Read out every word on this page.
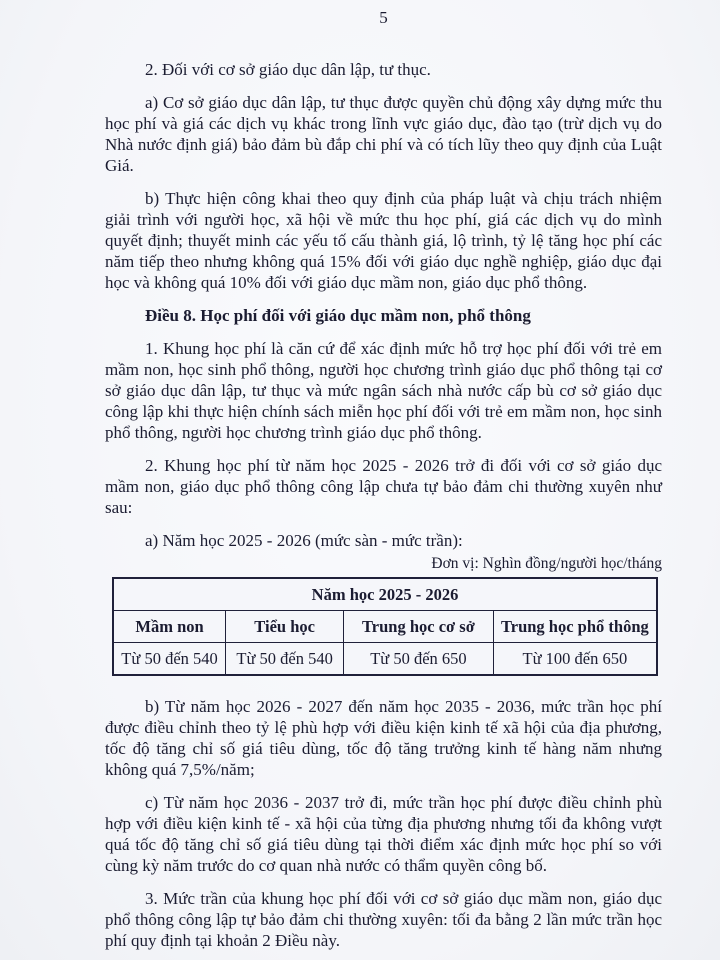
5

2. Đối với cơ sở giáo dục dân lập, tư thục.

a) Cơ sở giáo dục dân lập, tư thục được quyền chủ động xây dựng mức thu học phí và giá các dịch vụ khác trong lĩnh vực giáo dục, đào tạo (trừ dịch vụ do Nhà nước định giá) bảo đảm bù đắp chi phí và có tích lũy theo quy định của Luật Giá.

b) Thực hiện công khai theo quy định của pháp luật và chịu trách nhiệm giải trình với người học, xã hội về mức thu học phí, giá các dịch vụ do mình quyết định; thuyết minh các yếu tố cấu thành giá, lộ trình, tỷ lệ tăng học phí các năm tiếp theo nhưng không quá 15% đối với giáo dục nghề nghiệp, giáo dục đại học và không quá 10% đối với giáo dục mầm non, giáo dục phổ thông.

Điều 8. Học phí đối với giáo dục mầm non, phổ thông

1. Khung học phí là căn cứ để xác định mức hỗ trợ học phí đối với trẻ em mầm non, học sinh phổ thông, người học chương trình giáo dục phổ thông tại cơ sở giáo dục dân lập, tư thục và mức ngân sách nhà nước cấp bù cơ sở giáo dục công lập khi thực hiện chính sách miễn học phí đối với trẻ em mầm non, học sinh phổ thông, người học chương trình giáo dục phổ thông.

2. Khung học phí từ năm học 2025 - 2026 trở đi đối với cơ sở giáo dục mầm non, giáo dục phổ thông công lập chưa tự bảo đảm chi thường xuyên như sau:

a) Năm học 2025 - 2026 (mức sàn - mức trần):

Đơn vị: Nghìn đồng/người học/tháng
Năm học 2025 - 2026			
Mầm non	Tiểu học	Trung học cơ sở	Trung học phổ thông
Từ 50 đến 540	Từ 50 đến 540	Từ 50 đến 650	Từ 100 đến 650

b) Từ năm học 2026 - 2027 đến năm học 2035 - 2036, mức trần học phí được điều chỉnh theo tỷ lệ phù hợp với điều kiện kinh tế xã hội của địa phương, tốc độ tăng chỉ số giá tiêu dùng, tốc độ tăng trưởng kinh tế hàng năm nhưng không quá 7,5%/năm;

c) Từ năm học 2036 - 2037 trở đi, mức trần học phí được điều chỉnh phù hợp với điều kiện kinh tế - xã hội của từng địa phương nhưng tối đa không vượt quá tốc độ tăng chỉ số giá tiêu dùng tại thời điểm xác định mức học phí so với cùng kỳ năm trước do cơ quan nhà nước có thẩm quyền công bố.

3. Mức trần của khung học phí đối với cơ sở giáo dục mầm non, giáo dục phổ thông công lập tự bảo đảm chi thường xuyên: tối đa bằng 2 lần mức trần học phí quy định tại khoản 2 Điều này.
